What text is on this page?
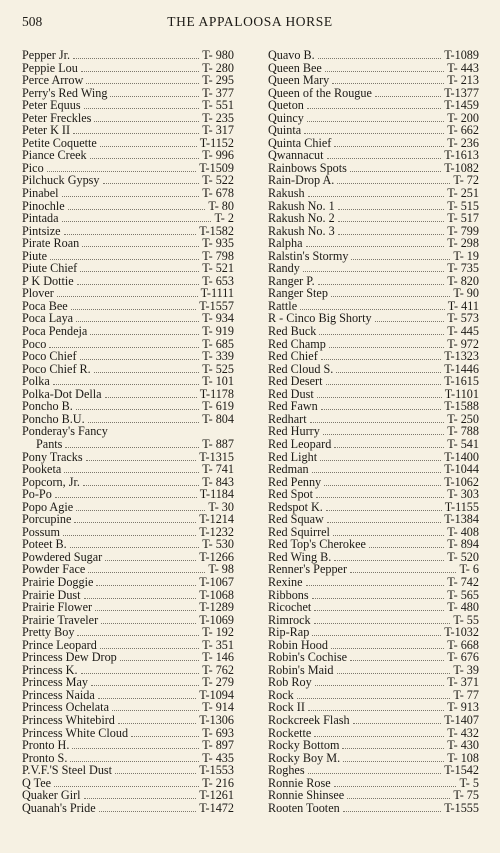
508	THE APPALOOSA HORSE
Pepper Jr.	T- 980
Peppie Lou	T- 280
Perce Arrow	T- 295
Perry's Red Wing	T- 377
Peter Equus	T- 551
Peter Freckles	T- 235
Peter K II	T- 317
Petite Coquette	T-1152
Piance Creek	T- 996
Pico	T-1509
Pilchuck Gypsy	T- 522
Pinabel	T- 678
Pinochle	T- 80
Pintada	T- 2
Pintsize	T-1582
Pirate Roan	T- 935
Piute	T- 798
Piute Chief	T- 521
P K Dottie	T- 653
Plover	T-1111
Poca Bee	T-1557
Poca Laya	T- 934
Poca Pendeja	T- 919
Poco	T- 685
Poco Chief	T- 339
Poco Chief R.	T- 525
Polka	T- 101
Polka-Dot Della	T-1178
Poncho B.	T- 619
Poncho B.U.	T- 804
Ponderay's Fancy
Pants	T- 887
Pony Tracks	T-1315
Pooketa	T- 741
Popcorn, Jr.	T- 843
Po-Po	T-1184
Popo Agie	T- 30
Porcupine	T-1214
Possum	T-1232
Poteet B.	T- 530
Powdered Sugar	T-1266
Powder Face	T- 98
Prairie Doggie	T-1067
Prairie Dust	T-1068
Prairie Flower	T-1289
Prairie Traveler	T-1069
Pretty Boy	T- 192
Prince Leopard	T- 351
Princess Dew Drop	T- 146
Princess K.	T- 762
Princess May	T- 279
Princess Naida	T-1094
Princess Ochelata	T- 914
Princess Whitebird	T-1306
Princess White Cloud	T- 693
Pronto H.	T- 897
Pronto S.	T- 435
P.V.F.'S Steel Dust	T-1553
Q Tee	T- 216
Quaker Girl	T-1261
Quanah's Pride	T-1472
Quavo B.	T-1089
Queen Bee	T- 443
Queen Mary	T- 213
Queen of the Rougue	T-1377
Queton	T-1459
Quincy	T- 200
Quinta	T- 662
Quinta Chief	T- 236
Qwannacut	T-1613
Rainbows Spots	T-1082
Rain-Drop A.	T- 72
Rakush	T- 251
Rakush No. 1	T- 515
Rakush No. 2	T- 517
Rakush No. 3	T- 799
Ralpha	T- 298
Ralstin's Stormy	T- 19
Randy	T- 735
Ranger P.	T- 820
Ranger Step	T- 90
Rattle	T- 411
R - Cinco Big Shorty	T- 573
Red Buck	T- 445
Red Champ	T- 972
Red Chief	T-1323
Red Cloud S.	T-1446
Red Desert	T-1615
Red Dust	T-1101
Red Fawn	T-1588
Redhart	T- 250
Red Hurry	T- 788
Red Leopard	T- 541
Red Light	T-1400
Redman	T-1044
Red Penny	T-1062
Red Spot	T- 303
Redspot K.	T-1155
Red Squaw	T-1384
Red Squirrel	T- 408
Red Top's Cherokee	T- 894
Red Wing B.	T- 520
Renner's Pepper	T- 6
Rexine	T- 742
Ribbons	T- 565
Ricochet	T- 480
Rimrock	T- 55
Rip-Rap	T-1032
Robin Hood	T- 668
Robin's Cochise	T- 676
Robin's Maid	T- 39
Rob Roy	T- 371
Rock	T- 77
Rock II	T- 913
Rockcreek Flash	T-1407
Rockette	T- 432
Rocky Bottom	T- 430
Rocky Boy M.	T- 108
Roghes	T-1542
Ronnie Rose	T- 5
Ronnie Shinsee	T- 75
Rooten Tooten	T-1555
